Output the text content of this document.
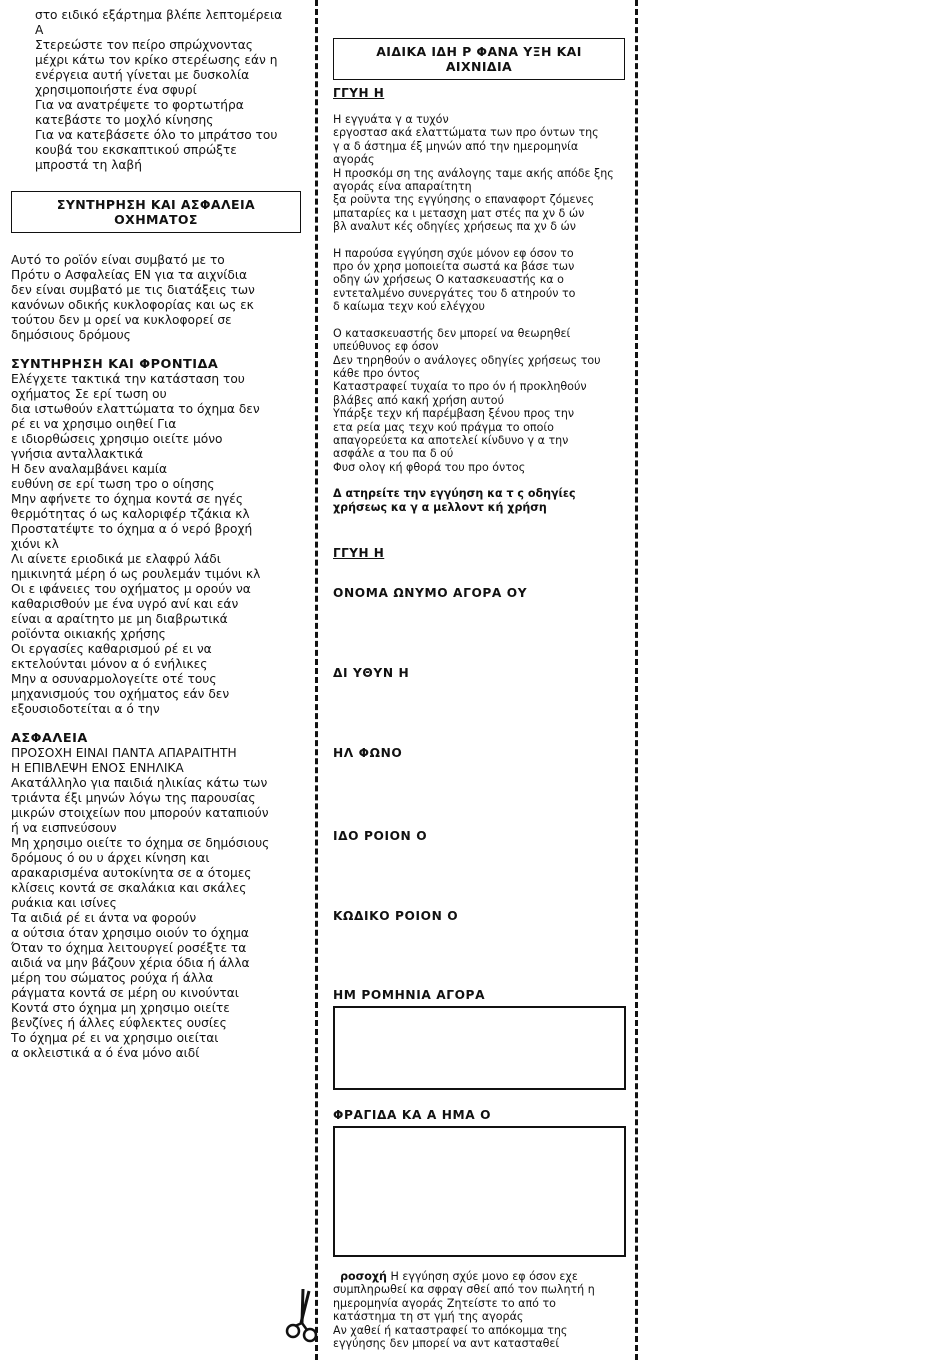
στο ειδικό εξάρτημα βλέπε λεπτομέρεια
Α
Στερεώστε τον πείρο σπρώχνοντας
μέχρι κάτω τον κρίκο στερέωσης εάν η
ενέργεια αυτή γίνεται με δυσκολία
χρησιμοποιήστε ένα σφυρί
Για να ανατρέψετε το φορτωτήρα
κατεβάστε το μοχλό κίνησης
Για να κατεβάσετε όλο το μπράτσο του
κουβά του εκσκαπτικού σπρώξτε
μπροστά τη λαβή
ΣΥΝΤΗΡΗΣΗ ΚΑΙ ΑΣΦΑΛΕΙΑ
ΟΧΗΜΑΤΟΣ
Αυτό το ροϊόν είναι συμβατό με το
Πρότυ ο Ασφαλείας ΕΝ για τα αιχνίδια
δεν είναι συμβατό με τις διατάξεις των
κανόνων οδικής κυκλοφορίας και ως εκ
τούτου δεν μ ορεί να κυκλοφορεί σε
δημόσιους δρόμους
ΣΥΝΤΗΡΗΣΗ ΚΑΙ ΦΡΟΝΤΙΔΑ
Ελέγχετε τακτικά την κατάσταση του
οχήματος Σε ερί τωση ου
δια ιστωθούν ελαττώματα το όχημα δεν
ρέ ει να χρησιμο οιηθεί Για
ε ιδιορθώσεις χρησιμο οιείτε μόνο
γνήσια ανταλλακτικά
Η δεν αναλαμβάνει καμία
ευθύνη σε ερί τωση τρο ο οίησης
Μην αφήνετε το όχημα κοντά σε ηγές
θερμότητας ό ως καλοριφέρ τζάκια κλ
Προστατέψτε το όχημα α ό νερό βροχή
χιόνι κλ
Λι αίνετε εριοδικά με ελαφρύ λάδι
ημικινητά μέρη ό ως ρουλεμάν τιμόνι κλ
Οι ε ιφάνειες του οχήματος μ ορούν να
καθαρισθούν με ένα υγρό ανί και εάν
είναι α αραίτητο με μη διαβρωτικά
ροϊόντα οικιακής χρήσης
Οι εργασίες καθαρισμού ρέ ει να
εκτελούνται μόνον α ό ενήλικες
Μην α οσυναρμολογείτε οτέ τους
μηχανισμούς του οχήματος εάν δεν
εξουσιοδοτείται α ό την
ΑΣΦΑΛΕΙΑ
ΠΡΟΣΟΧΗ ΕΙΝΑΙ ΠΑΝΤΑ ΑΠΑΡΑΙΤΗΤΗ
Η ΕΠΙΒΛΕΨΗ ΕΝΟΣ ΕΝΗΛΙΚΑ
Ακατάλληλο για παιδιά ηλικίας κάτω των
τριάντα έξι μηνών λόγω της παρουσίας
μικρών στοιχείων που μπορούν καταπιούν
ή να εισπνεύσουν
Μη χρησιμο οιείτε το όχημα σε δημόσιους
δρόμους ό ου υ άρχει κίνηση και
αρακαρισμένα αυτοκίνητα σε α ότομες
κλίσεις κοντά σε σκαλάκια και σκάλες
ρυάκια και ισίνες
Τα αιδιά ρέ ει άντα να φορούν
α ούτσια όταν χρησιμο οιούν το όχημα
Όταν το όχημα λειτουργεί ροσέξτε τα
αιδιά να μην βάζουν χέρια όδια ή άλλα
μέρη του σώματος ρούχα ή άλλα
ράγματα κοντά σε μέρη ου κινούνται
Κοντά στο όχημα μη χρησιμο οιείτε
βενζίνες ή άλλες εύφλεκτες ουσίες
Το όχημα ρέ ει να χρησιμο οιείται
α οκλειστικά α ό ένα μόνο αιδί
ΑΙΔΙΚΑ ΙΔΗ Ρ ΦΑΝΑ ΥΞΗ ΚΑΙ
ΑΙΧΝΙΔΙΑ
ΓΓΥΗ Η
Η εγγυάτα γ α τυχόν
εργοστασ ακά ελαττώματα των προ όντων της
γ α δ άστημα έξ μηνών από την ημερομηνία
αγοράς
Η προσκόμ ση της ανάλογης ταμε ακής απόδε ξης
αγοράς είνα απαραίτητη
ξα ροϋντα της εγγύησης ο επαναφορτ ζόμενες
μπαταρίες κα ι μετασχη ματ στές πα χν δ ών
βλ αναλυτ κές οδηγίες χρήσεως πα χν δ ών
Η παρούσα εγγύηση σχύε μόνον εφ όσον το
προ όν χρησ μοποιείτα σωστά κα βάσε των
οδηγ ών χρήσεως Ο κατασκευαστής κα ο
εντεταλμένο συνεργάτες του δ ατηρούν το
δ καίωμα τεχν κού ελέγχου
Ο κατασκευαστής δεν μπορεί να θεωρηθεί
υπεύθυνος εφ όσον
Δεν τηρηθούν ο ανάλογες οδηγίες χρήσεως του
κάθε προ όντος
Καταστραφεί τυχαία το προ όν ή προκληθούν
βλάβες από κακή χρήση αυτού
Υπάρξε τεχν κή παρέμβαση ξένου προς την
ετα ρεία μας τεχν κού πράγμα το οποίο
απαγορεύετα κα αποτελεί κίνδυνο γ α την
ασφάλε α του πα δ ού
Φυσ ολογ κή φθορά του προ όντος
Δ ατηρείτε την εγγύηση κα τ ς οδηγίες
χρήσεως κα γ α μελλοντ κή χρήση
ΓΓΥΗ Η
ΟΝΟΜΑ ΩΝΥΜΟ ΑΓΟΡΑ ΟΥ
ΔΙ ΥΘΥΝ Η
ΗΛ ΦΩΝΟ
ΙΔΟ ΡΟΙΟΝ Ο
ΚΩΔΙΚΟ ΡΟΙΟΝ Ο
ΗΜ ΡΟΜΗΝΙΑ ΑΓΟΡΑ
ΦΡΑΓΙΔΑ ΚΑ Α ΗΜΑ Ο
ροσοχή Η εγγύηση σχύε μονο εφ όσον εχε
συμπληρωθεί κα σφραγ σθεί από τον πωλητή η
ημερομηνία αγοράς Ζητείστε το από το
κατάστημα τη στ γμή της αγοράς
Αν χαθεί ή καταστραφεί το απόκομμα της
εγγύησης δεν μπορεί να αντ κατασταθεί
